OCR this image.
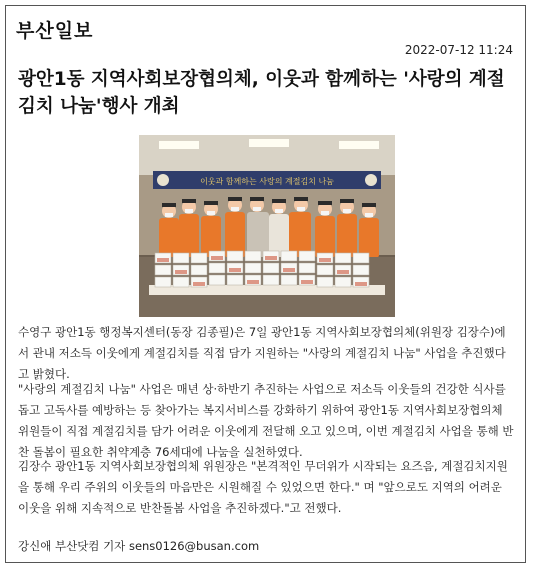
부산일보
2022-07-12 11:24
광안1동 지역사회보장협의체, 이웃과 함께하는 '사랑의 계절 김치 나눔'행사 개최
이웃과 함께하는 사랑의 계절김치 나눔

수영구 광안1동 행정복지센터(동장 김종필)은 7일 광안1동 지역사회보장협의체(위원장 김장수)에서 관내 저소득 이웃에게 계절김치를 직접 담가 지원하는 "사랑의 계절김치 나눔" 사업을 추진했다고 밝혔다.

"사랑의 계절김치 나눔" 사업은 매년 상·하반기 추진하는 사업으로 저소득 이웃들의 건강한 식사를 돕고 고독사를 예방하는 등 찾아가는 복지서비스를 강화하기 위하여 광안1동 지역사회보장협의체 위원들이 직접 계절김치를 담가 어려운 이웃에게 전달해 오고 있으며, 이번 계절김치 사업을 통해 반찬 돌봄이 필요한 취약계층 76세대에 나눔을 실천하였다.

김장수 광안1동 지역사회보장협의체 위원장은 "본격적인 무더위가 시작되는 요즈음, 계절김치지원을 통해 우리 주위의 이웃들의 마음만은 시원해질 수 있었으면 한다." 며 "앞으로도 지역의 어려운 이웃을 위해 지속적으로 반찬돌봄 사업을 추진하겠다."고 전했다.

강신애 부산닷컴 기자 sens0126@busan.com
